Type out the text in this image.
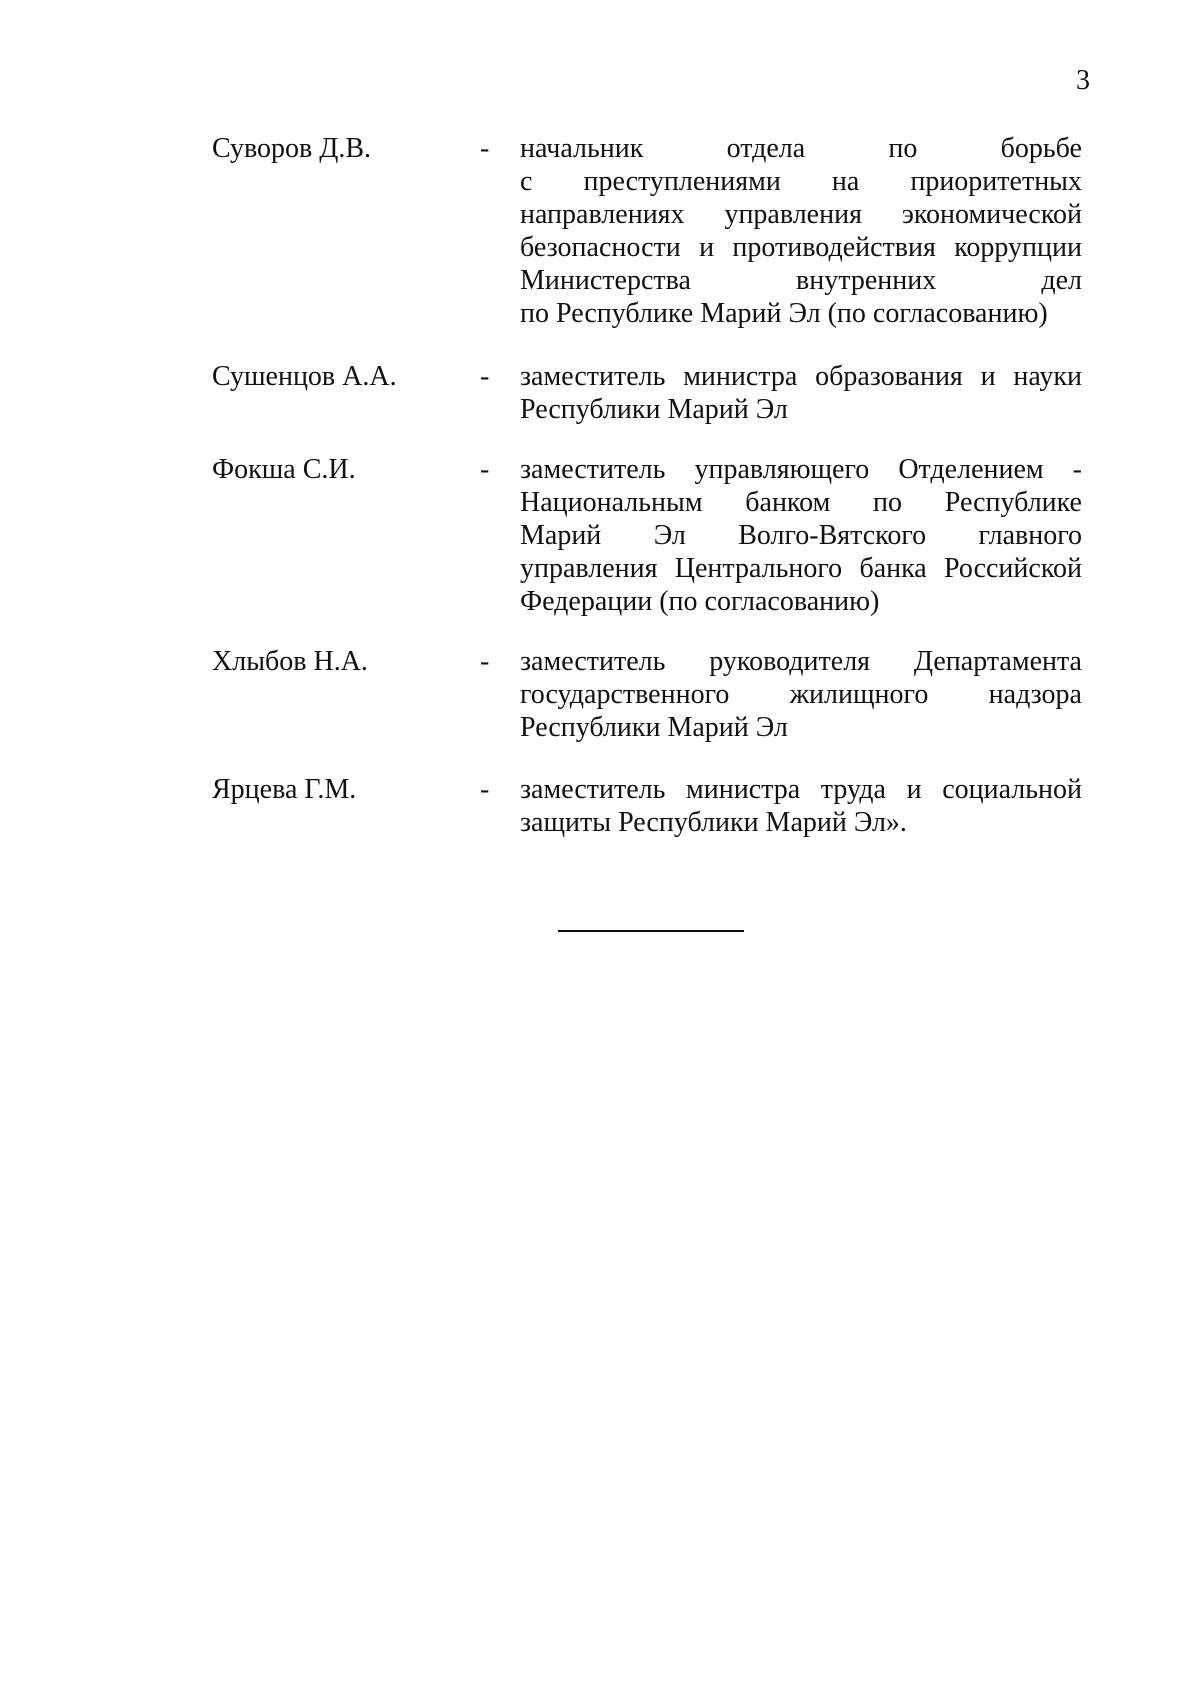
3
Суворов Д.В.	- начальник отдела по борьбе
с преступлениями на приоритетных
направлениях управления экономической
безопасности и противодействия коррупции
Министерства внутренних дел
по Республике Марий Эл (по согласованию)
Сушенцов А.А.	- заместитель министра образования и науки
Республики Марий Эл
Фокша С.И.	- заместитель управляющего Отделением -
Национальным банком по Республике
Марий Эл Волго-Вятского главного
управления Центрального банка Российской
Федерации (по согласованию)
Хлыбов Н.А.	- заместитель руководителя Департамента
государственного жилищного надзора
Республики Марий Эл
Ярцева Г.М.	- заместитель министра труда и социальной
защиты Республики Марий Эл».
